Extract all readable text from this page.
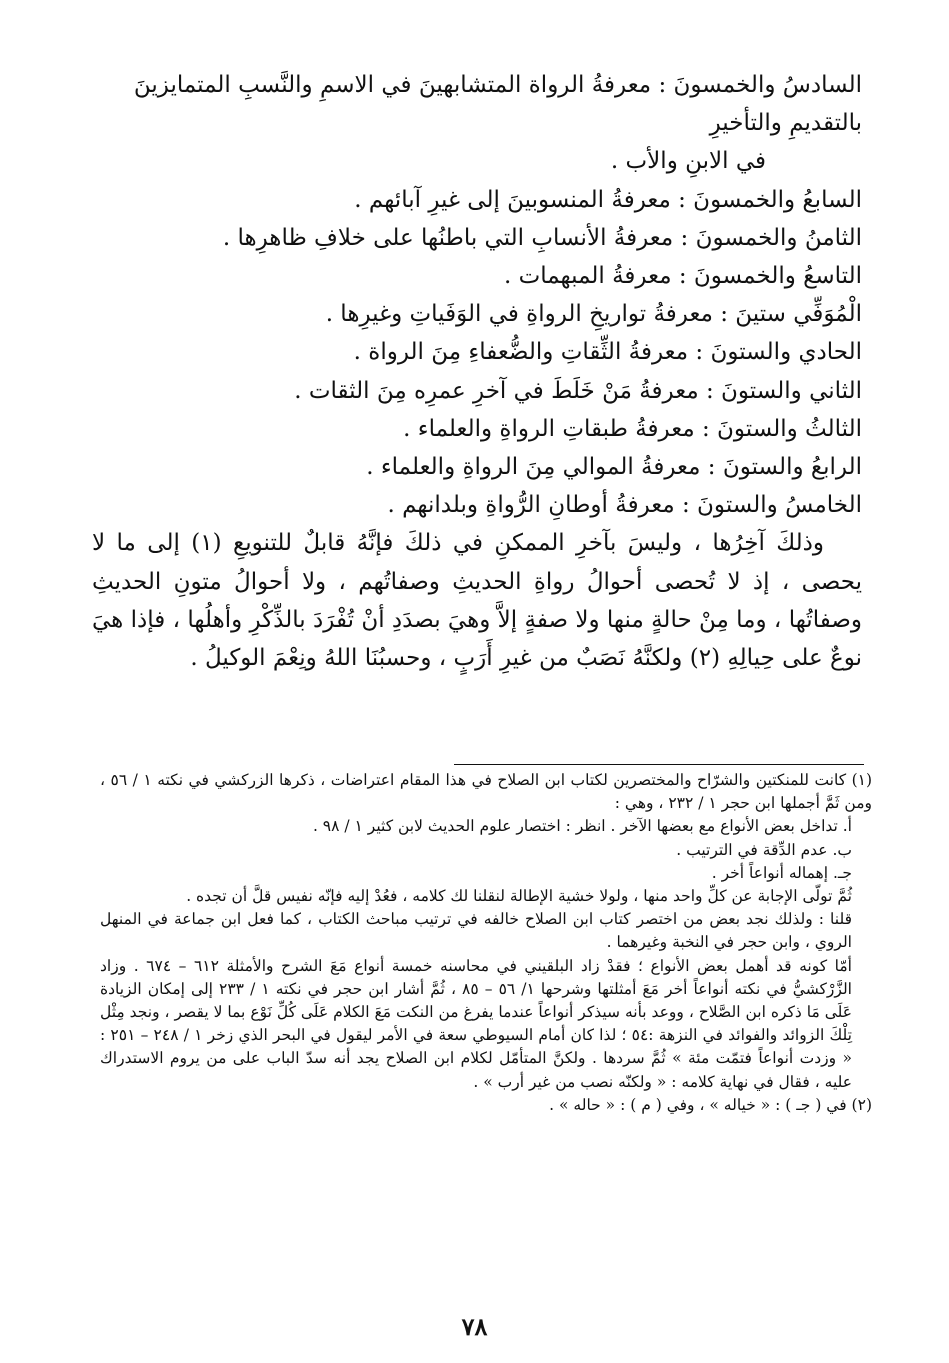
السادسُ والخمسونَ : معرفةُ الرواة المتشابهينَ في الاسمِ والنَّسبِ المتمايزينَ بالتقديمِ والتأخيرِ

في الابنِ والأب .

السابعُ والخمسونَ : معرفةُ المنسوبينَ إلى غيرِ آبائهم .

الثامنُ والخمسونَ : معرفةُ الأنسابِ التي باطنُها على خلافِ ظاهرِها .

التاسعُ والخمسونَ : معرفةُ المبهمات .

الْمُوَفِّي ستينَ : معرفةُ تواريخِ الرواةِ في الوَفَياتِ وغيرِها .

الحادي والستونَ : معرفةُ الثِّقاتِ والضُّعفاءِ مِنَ الرواة .

الثاني والستونَ : معرفةُ مَنْ خَلَطَ في آخرِ عمرِه مِنَ الثقات .

الثالثُ والستونَ : معرفةُ طبقاتِ الرواةِ والعلماء .

الرابعُ والستونَ : معرفةُ الموالي مِنَ الرواةِ والعلماء .

الخامسُ والستونَ : معرفةُ أوطانِ الرُّواةِ وبلدانهم .

وذلكَ آخِرُها ، وليسَ بآخرِ الممكنِ في ذلكَ فإنَّهُ قابلٌ للتنويعِ (١) إلى ما لا يحصى ، إذ لا تُحصى أحوالُ رواةِ الحديثِ وصفاتُهم ، ولا أحوالُ متونِ الحديثِ وصفاتُها ، وما مِنْ حالةٍ منها ولا صفةٍ إلاَّ وهيَ بصدَدِ أنْ تُفْرَدَ بالذِّكْرِ وأهلُها ، فإذا هيَ نوعٌ على حِيالِهِ (٢) ولكنَّهُ نَصَبٌ من غيرِ أَرَبٍ ، وحسبُنَا اللهُ ونِعْمَ الوكيلُ .

(١) كانت للمنكتين والشرّاح والمختصرين لكتاب ابن الصلاح في هذا المقام اعتراضات ، ذكرها الزركشي في نكته ١ / ٥٦ ، ومن ثَمَّ أجملها ابن حجر ١ / ٢٣٢ ، وهي :

أ. تداخل بعض الأنواع مع بعضها الآخر . انظر : اختصار علوم الحديث لابن كثير ١ / ٩٨ .

ب. عدم الدِّقة في الترتيب .

جـ. إهماله أنواعاً أخر .

ثُمَّ تولّى الإجابة عن كلِّ واحد منها ، ولولا خشية الإطالة لنقلنا لك كلامه ، فعُدْ إليه فإنّه نفيس قلَّ أن تجده .

قلنا : ولذلك نجد بعض من اختصر كتاب ابن الصلاح خالفه في ترتيب مباحث الكتاب ، كما فعل ابن جماعة في المنهل الروي ، وابن حجر في النخبة وغيرهما .

أمّا كونه قد أهمل بعض الأنواع ؛ فقدْ زاد البلقيني في محاسنه خمسة أنواع مَعَ الشرح والأمثلة ٦١٢ – ٦٧٤ . وزاد الزَّرْكشيُّ في نكته أنواعاً أخر مَعَ أمثلتها وشرحها ١/ ٥٦ – ٨٥ ، ثُمَّ أشار ابن حجر في نكته ١ / ٢٣٣ إلى إمكان الزيادة عَلَى مَا ذكره ابن الصَّلاح ، ووعد بأنه سيذكر أنواعاً عندما يفرغ من النكت مَعَ الكلام عَلَى كُلِّ نَوْع بما لا يقصر ، ونجد مِثْل تِلْكَ الزوائد والفوائد في النزهة :٥٤ ؛ لذا كان أمام السيوطي سعة في الأمر ليقول في البحر الذي زخر ١ / ٢٤٨ – ٢٥١ : « وزدت أنواعاً فتمّت مئة » ثُمَّ سردها . ولكنَّ المتأمّل لكلام ابن الصلاح يجد أنه سدّ الباب على من يروم الاستدراك عليه ، فقال في نهاية كلامه : « ولكنّه نصب من غير أرب » .

(٢) في ( جـ ) : « خياله » ، وفي ( م ) : « حاله » .

٧٨
